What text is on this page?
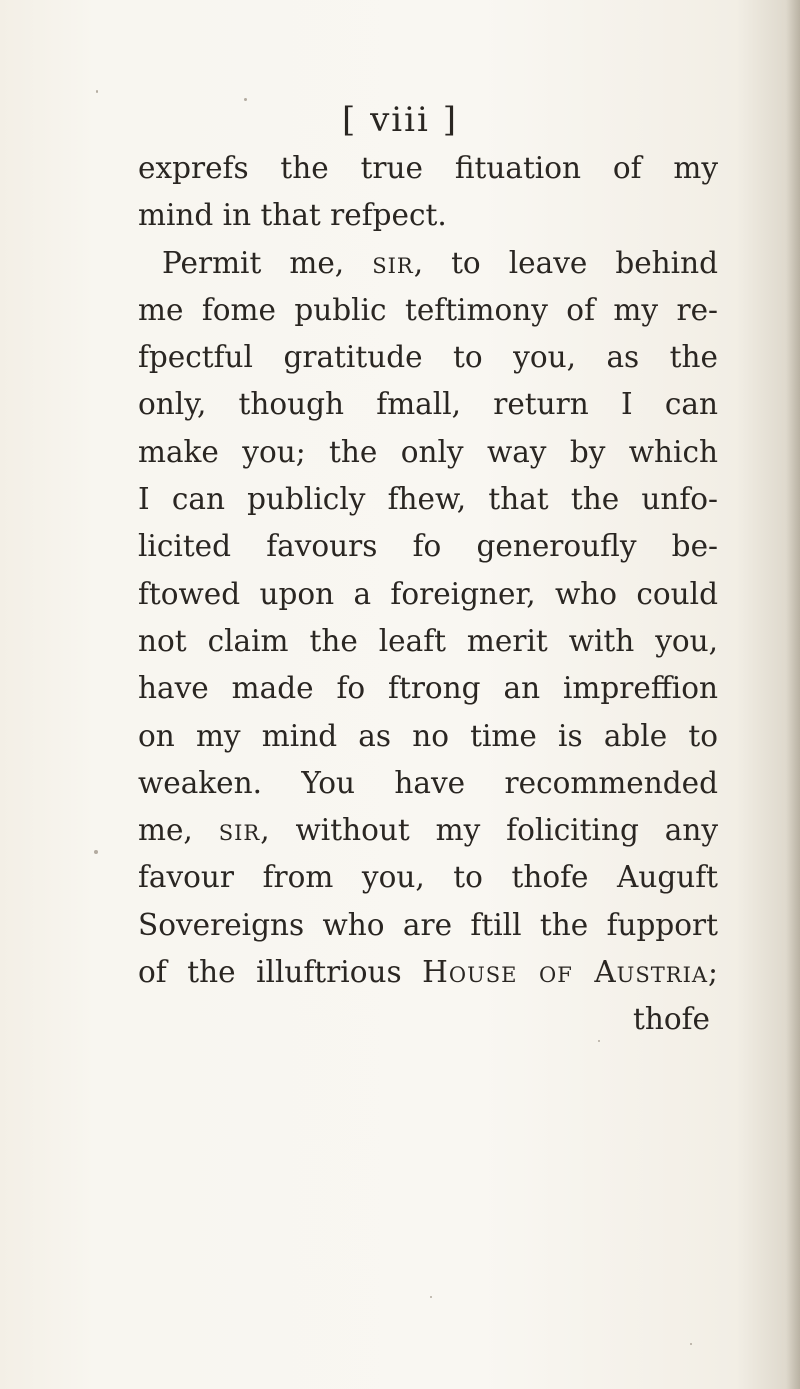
[ viii ]
exprefs the true fituation of my
mind in that refpect.
Permit me, sir, to leave behind
me fome public teftimony of my re-
fpectful gratitude to you, as the
only, though fmall, return I can
make you; the only way by which
I can publicly fhew, that the unfo-
licited favours fo generoufly be-
ftowed upon a foreigner, who could
not claim the leaft merit with you,
have made fo ftrong an impreffion
on my mind as no time is able to
weaken. You have recommended
me, sir, without my foliciting any
favour from you, to thofe Auguft
Sovereigns who are ftill the fupport
of the illuftrious House of Austria;
thofe
